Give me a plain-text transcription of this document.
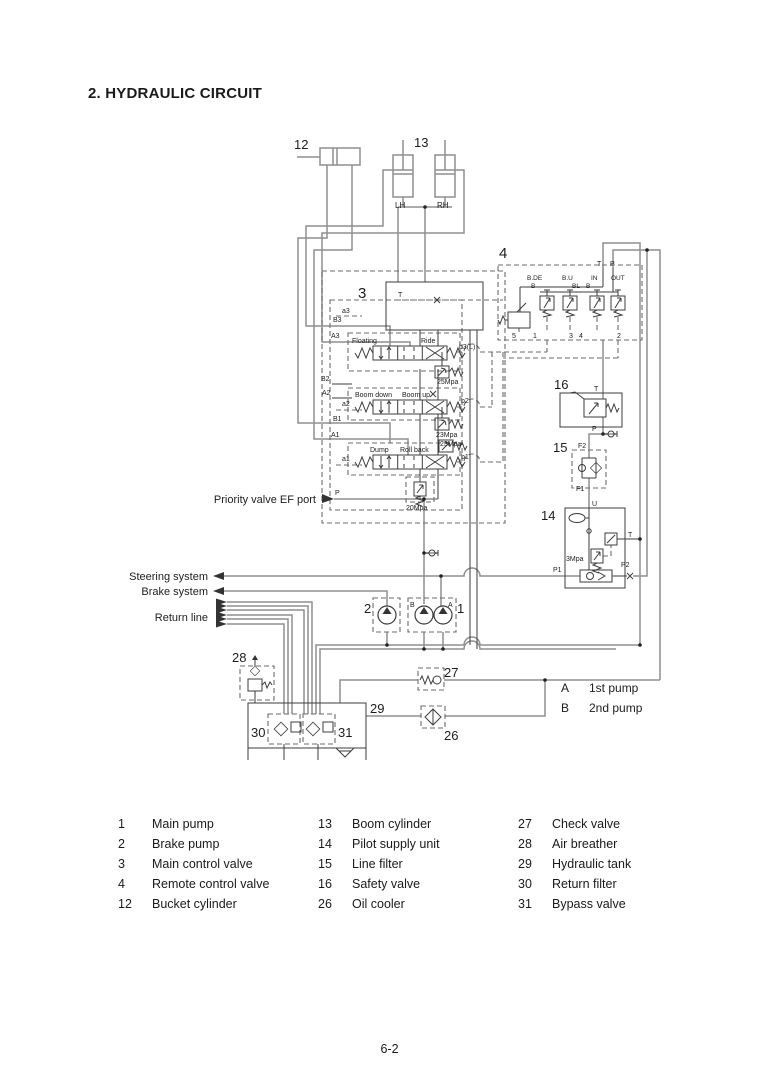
2. HYDRAULIC CIRCUIT
12	13
3
4
16
15
14
2	1
28
27
29
30	31	26
LH	RH
T
a3
B3
A3
B2
A2
a2
B1
A1
a1
b3(L)
b2
b1
P
Floating	Ride
Boom down Boom up
Dump Roll back
25Mpa
23Mpa
23Mpa
20Mpa
B.DE	B.U	IN OUT
B	BL B
5 1	3 4	2
T P
T
P
F2
F1
U
T
P1
P2
3Mpa
B	A
Priority valve EF port
Steering system
Brake system
Return line
A 1st pump
B 2nd pump
1	Main pump
2	Brake pump
3	Main control valve
4	Remote control valve
12	Bucket cylinder
13	Boom cylinder
14	Pilot supply unit
15	Line filter
16	Safety valve
26	Oil cooler
27	Check valve
28	Air breather
29	Hydraulic tank
30	Return filter
31	Bypass valve
6-2
